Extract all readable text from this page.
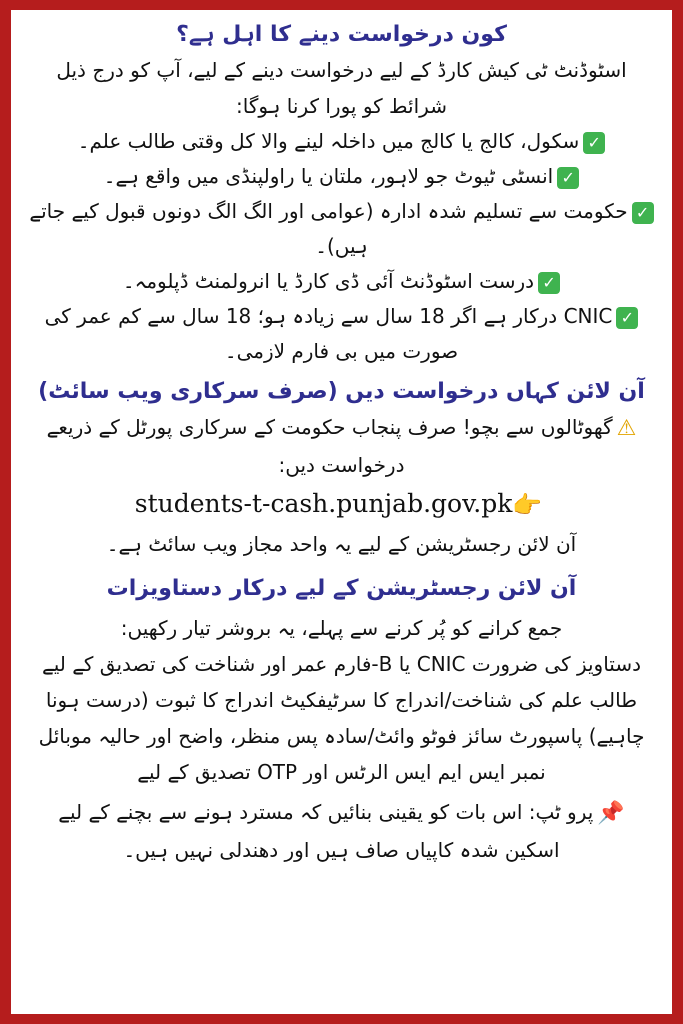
کون درخواست دینے کا اہل ہے؟

اسٹوڈنٹ ٹی کیش کارڈ کے لیے درخواست دینے کے لیے، آپ کو درج ذیل شرائط کو پورا کرنا ہوگا:

✓سکول، کالج یا کالج میں داخلہ لینے والا کل وقتی طالب علم۔

✓انسٹی ٹیوٹ جو لاہور، ملتان یا راولپنڈی میں واقع ہے۔

✓حکومت سے تسلیم شدہ ادارہ (عوامی اور الگ الگ دونوں قبول کیے جاتے ہیں)۔

✓درست اسٹوڈنٹ آئی ڈی کارڈ یا انرولمنٹ ڈپلومہ۔

✓CNIC درکار ہے اگر 18 سال سے زیادہ ہو؛ 18 سال سے کم عمر کی صورت میں بی فارم لازمی۔

آن لائن کہاں درخواست دیں (صرف سرکاری ویب سائٹ)

⚠گھوٹالوں سے بچو! صرف پنجاب حکومت کے سرکاری پورٹل کے ذریعے درخواست دیں:

students-t-cash.punjab.gov.pk👉

آن لائن رجسٹریشن کے لیے یہ واحد مجاز ویب سائٹ ہے۔

آن لائن رجسٹریشن کے لیے درکار دستاویزات

جمع کرانے کو پُر کرنے سے پہلے، یہ بروشر تیار رکھیں:

دستاویز کی ضرورت CNIC یا B-فارم عمر اور شناخت کی تصدیق کے لیے طالب علم کی شناخت/اندراج کا سرٹیفکیٹ اندراج کا ثبوت (درست ہونا چاہیے) پاسپورٹ سائز فوٹو وائٹ/سادہ پس منظر، واضح اور حالیہ موبائل نمبر ایس ایم ایس الرٹس اور OTP تصدیق کے لیے

📌پرو ٹپ: اس بات کو یقینی بنائیں کہ مسترد ہونے سے بچنے کے لیے اسکین شدہ کاپیاں صاف ہیں اور دھندلی نہیں ہیں۔
